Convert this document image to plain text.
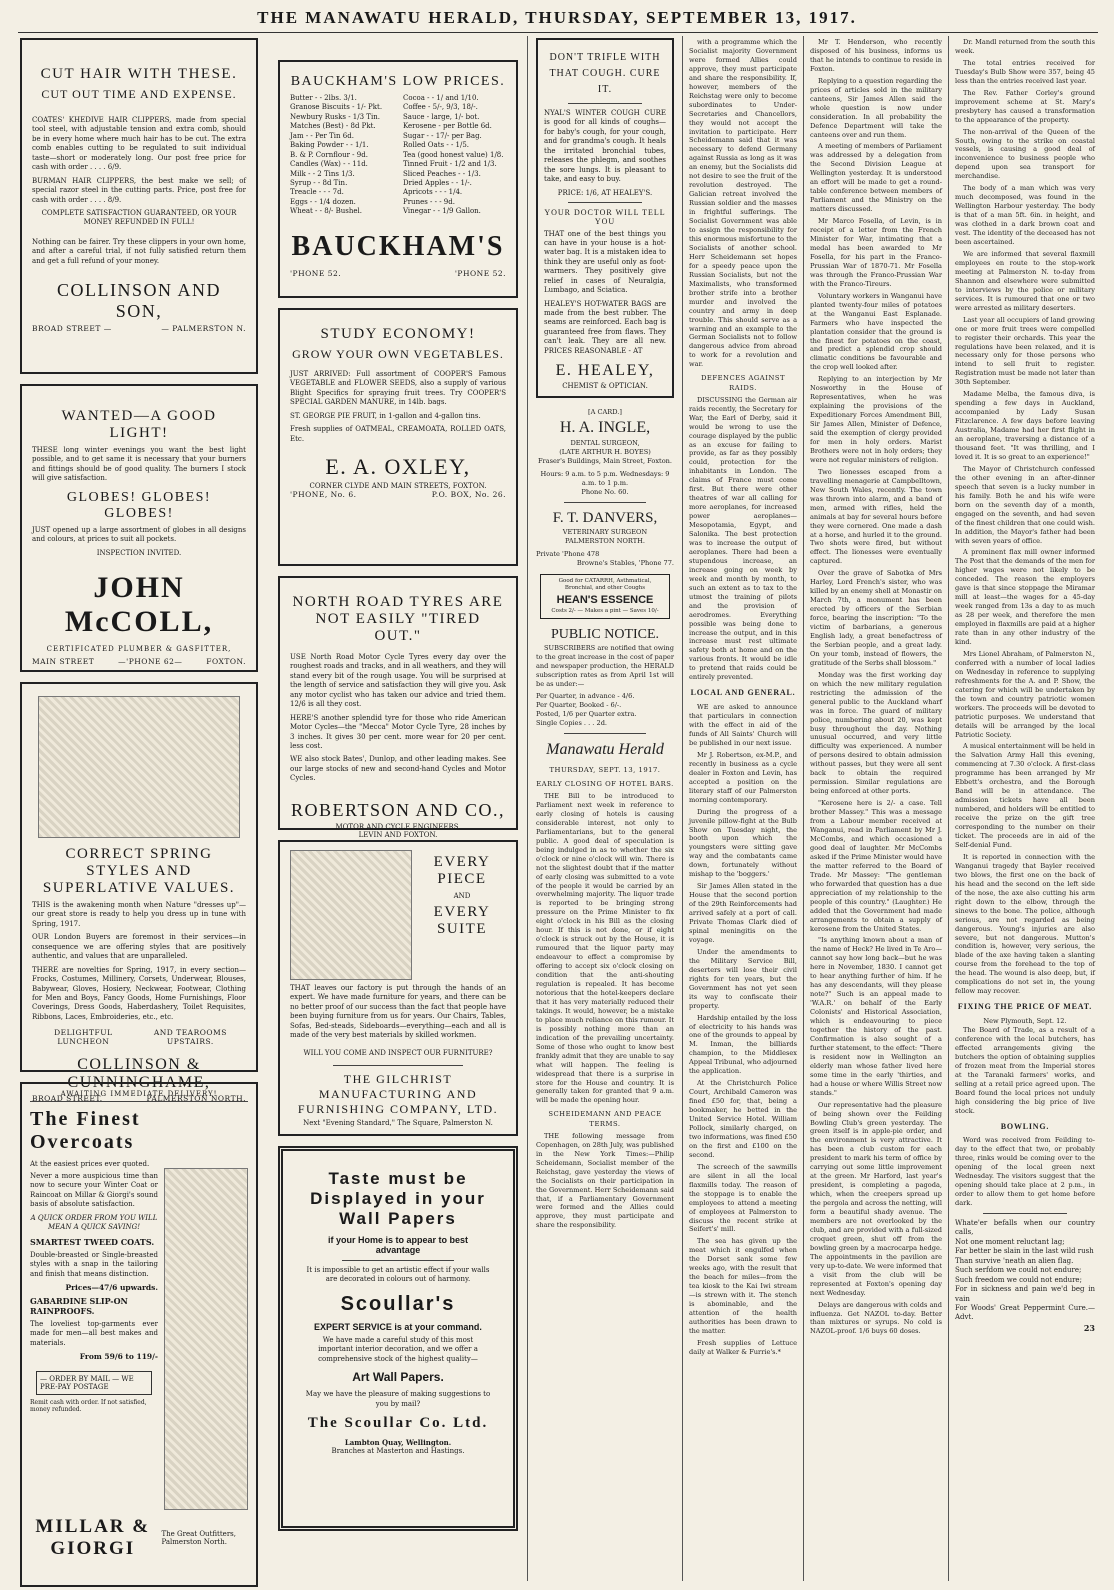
THE MANAWATU HERALD, THURSDAY, SEPTEMBER 13, 1917.
CUT HAIR WITH THESE.
CUT OUT TIME AND EXPENSE.

COATES' KHEDIVE HAIR CLIPPERS, made from special tool steel, with adjustable tension and extra comb, should be in every home where much hair has to be cut. The extra comb enables cutting to be regulated to suit individual taste—short or moderately long. Our post free price for cash with order . . . . 6/9.

BURMAN HAIR CLIPPERS, the best make we sell; of special razor steel in the cutting parts. Price, post free for cash with order . . . . 8/9.

COMPLETE SATISFACTION GUARANTEED, OR YOUR MONEY REFUNDED IN FULL!

Nothing can be fairer. Try these clippers in your own home, and after a careful trial, if not fully satisfied return them and get a full refund of your money.

COLLINSON AND SON,
BROAD STREET —	— PALMERSTON N.
WANTED—A GOOD LIGHT!

THESE long winter evenings you want the best light possible, and to get same it is necessary that your burners and fittings should be of good quality. The burners I stock will give satisfaction.

GLOBES! GLOBES! GLOBES!

JUST opened up a large assortment of globes in all designs and colours, at prices to suit all pockets.

INSPECTION INVITED.
JOHN McCOLL,
CERTIFICATED PLUMBER & GASFITTER,
MAIN STREET	—'PHONE 62—	FOXTON.
CORRECT SPRING STYLES AND SUPERLATIVE VALUES.

THIS is the awakening month when Nature "dresses up"—our great store is ready to help you dress up in tune with Spring, 1917.

OUR London Buyers are foremost in their services—in consequence we are offering styles that are positively authentic, and values that are unparalleled.

THERE are novelties for Spring, 1917, in every section—Frocks, Costumes, Millinery, Corsets, Underwear, Blouses, Babywear, Gloves, Hosiery, Neckwear, Footwear, Clothing for Men and Boys, Fancy Goods, Home Furnishings, Floor Coverings, Dress Goods, Haberdashery, Toilet Requisites, Ribbons, Laces, Embroideries, etc., etc.

DELIGHTFUL LUNCHEON
AND TEAROOMS UPSTAIRS.
COLLINSON & CUNNINGHAME,
BROAD STREET.	PALMERSTON NORTH.
AWAITING IMMEDIATE DELIVERY!
The Finest Overcoats
At the easiest prices ever quoted.

Never a more auspicious time than now to secure your Winter Coat or Raincoat on Millar & Giorgi's sound basis of absolute satisfaction.

A QUICK ORDER FROM YOU WILL MEAN A QUICK SAVING!

SMARTEST TWEED COATS.

Double-breasted or Single-breasted styles with a snap in the tailoring and finish that means distinction.

Prices—47/6 upwards.
GABARDINE SLIP-ON RAINPROOFS.

The loveliest top-garments ever made for men—all best makes and materials.

From 59/6 to 119/-
— ORDER BY MAIL — WE PRE-PAY POSTAGE
Remit cash with order. If not satisfied, money refunded.
MILLAR & GIORGI
The Great Outfitters, Palmerston North.
BAUCKHAM'S LOW PRICES.
Butter - - 2lbs. 3/1.	Cocoa - - 1/ and 1/10.
Granose Biscuits - 1/- Pkt.	Coffee - 5/-, 9/3, 18/-.
Newbury Rusks - 1/3 Tin.	Sauce - large, 1/- bot.
Matches (Best) - 8d Pkt.	Kerosene - per Bottle 6d.
Jam - - Per Tin 6d.	Sugar - - 17/- per Bag.
Baking Powder - - 1/1.	Rolled Oats - - 1/5.
B. & P. Cornflour - 9d.	Tea (good honest value) 1/8.
Candles (Wax) - - 11d.	Tinned Fruit - 1/2 and 1/3.
Milk - - 2 Tins 1/3.	Sliced Peaches - - 1/3.
Syrup - - 8d Tin.	Dried Apples - - 1/-.
Treacle - - - 7d.	Apricots - - - 1/4.
Eggs - - 1/4 dozen.	Prunes - - - 9d.
Wheat - - 8/- Bushel.	Vinegar - - 1/9 Gallon.
BAUCKHAM'S
'PHONE 52.	'PHONE 52.
STUDY ECONOMY!
GROW YOUR OWN VEGETABLES.

JUST ARRIVED: Full assortment of COOPER'S Famous VEGETABLE and FLOWER SEEDS, also a supply of various Blight Specifics for spraying fruit trees. Try COOPER'S SPECIAL GARDEN MANURE, in 14lb. bags.

ST. GEORGE PIE FRUIT, in 1-gallon and 4-gallon tins.

Fresh supplies of OATMEAL, CREAMOATA, ROLLED OATS, Etc.

E. A. OXLEY,
CORNER CLYDE AND MAIN STREETS, FOXTON.
'PHONE, No. 6.	P.O. BOX, No. 26.
NORTH ROAD TYRES ARE NOT EASILY "TIRED OUT."

USE North Road Motor Cycle Tyres every day over the roughest roads and tracks, and in all weathers, and they will stand every bit of the rough usage. You will be surprised at the length of service and satisfaction they will give you. Ask any motor cyclist who has taken our advice and tried them. 12/6 is all they cost.

HERE'S another splendid tyre for those who ride American Motor Cycles—the "Mecca" Motor Cycle Tyre, 28 inches by 3 inches. It gives 30 per cent. more wear for 20 per cent. less cost.

WE also stock Bates', Dunlop, and other leading makes. See our large stocks of new and second-hand Cycles and Motor Cycles.

ROBERTSON AND CO.,
MOTOR AND CYCLE ENGINEERS,
LEVIN AND FOXTON.
EVERY PIECE
AND
EVERY SUITE

THAT leaves our factory is put through the hands of an expert. We have made furniture for years, and there can be no better proof of our success than the fact that people have been buying furniture from us for years. Our Chairs, Tables, Sofas, Bed-steads, Sideboards—everything—each and all is made of the very best materials by skilled workmen.

WILL YOU COME AND INSPECT OUR FURNITURE?
THE GILCHRIST MANUFACTURING AND FURNISHING COMPANY, LTD.
Next "Evening Standard," The Square, Palmerston N.
Taste must be Displayed in your Wall Papers
if your Home is to appear to best advantage

It is impossible to get an artistic effect if your walls are decorated in colours out of harmony.

Scoullar's
EXPERT SERVICE is at your command.

We have made a careful study of this most important interior decoration, and we offer a comprehensive stock of the highest quality—

Art Wall Papers.

May we have the pleasure of making suggestions to you by mail?

The Scoullar Co. Ltd.
Lambton Quay, Wellington.
Branches at Masterton and Hastings.
DON'T TRIFLE WITH THAT COUGH. CURE IT.

NYAL'S WINTER COUGH CURE is good for all kinds of coughs—for baby's cough, for your cough, and for grandma's cough. It heals the irritated bronchial tubes, releases the phlegm, and soothes the sore lungs. It is pleasant to take, and easy to buy.

PRICE: 1/6, AT HEALEY'S.
YOUR DOCTOR WILL TELL YOU

THAT one of the best things you can have in your house is a hot-water bag. It is a mistaken idea to think they are useful only as foot-warmers. They positively give relief in cases of Neuralgia, Lumbago, and Sciatica.

HEALEY'S HOT-WATER BAGS are made from the best rubber. The seams are reinforced. Each bag is guaranteed free from flaws. They can't leak. They are all new. PRICES REASONABLE - AT

E. HEALEY,
CHEMIST & OPTICIAN.
[A CARD.]
H. A. INGLE,
DENTAL SURGEON,
(LATE ARTHUR H. BOYES)
Fraser's Buildings, Main Street, Foxton.
Hours: 9 a.m. to 5 p.m. Wednesdays: 9 a.m. to 1 p.m.
Phone No. 60.
F. T. DANVERS,
VETERINARY SURGEON
PALMERSTON NORTH.
Private 'Phone 478
Browne's Stables, 'Phone 77.
Good for CATARRH, Asthmatical, Bronchial, and other Coughs
HEAN'S ESSENCE
Costs 2/- — Makes a pint — Saves 10/-
PUBLIC NOTICE.

SUBSCRIBERS are notified that owing to the great increase in the cost of paper and newspaper production, the HERALD subscription rates as from April 1st will be as under:—

Per Quarter, in advance - 4/6.
Per Quarter, Booked - 6/-.
Posted, 1/6 per Quarter extra.
Single Copies . . . 2d.
Manawatu Herald
THURSDAY, SEPT. 13, 1917.
EARLY CLOSING OF HOTEL BARS.

THE Bill to be introduced to Parliament next week in reference to early closing of hotels is causing considerable interest, not only to Parliamentarians, but to the general public. A good deal of speculation is being indulged in as to whether the six o'clock or nine o'clock will win. There is not the slightest doubt that if the matter of early closing was submitted to a vote of the people it would be carried by an overwhelming majority. The liquor trade is reported to be bringing strong pressure on the Prime Minister to fix eight o'clock in his Bill as the closing hour. If this is not done, or if eight o'clock is struck out by the House, it is rumoured that the liquor party may endeavour to effect a compromise by offering to accept six o'clock closing on condition that the anti-shouting regulation is repealed. It has become notorious that the hotel-keepers declare that it has very materially reduced their takings. It would, however, be a mistake to place much reliance on this rumour. It is possibly nothing more than an indication of the prevailing uncertainty. Some of those who ought to know best frankly admit that they are unable to say what will happen. The feeling is widespread that there is a surprise in store for the House and country. It is generally taken for granted that 9 a.m. will be made the opening hour.

SCHEIDEMANN AND PEACE TERMS.

THE following message from Copenhagen, on 28th July, was published in the New York Times:—Philip Scheidemann, Socialist member of the Reichstag, gave yesterday the views of the Socialists on their participation in the Government. Herr Scheidemann said that, if a Parliamentary Government were formed and the Allies could approve, they must participate and share the responsibility.

with a programme which the Socialist majority Government were formed Allies could approve, they must participate and share the responsibility. If, however, members of the Reichstag were only to become subordinates to Under-Secretaries and Chancellors, they would not accept the invitation to participate. Herr Scheidemann said that it was necessary to defend Germany against Russia as long as it was an enemy, but the Socialists did not desire to see the fruit of the revolution destroyed. The Galician retreat involved the Russian soldier and the masses in frightful sufferings. The Socialist Government was able to assign the responsibility for this enormous misfortune to the Socialists of another school. Herr Scheidemann set hopes for a speedy peace upon the Russian Socialists, but not the Maximalists, who transformed brother strife into a brother murder and involved the country and army in deep trouble. This should serve as a warning and an example to the German Socialists not to follow dangerous advice from abroad to work for a revolution and war.

DEFENCES AGAINST RAIDS.

DISCUSSING the German air raids recently, the Secretary for War, the Earl of Derby, said it would be wrong to use the courage displayed by the public as an excuse for failing to provide, as far as they possibly could, protection for the inhabitants in London. The claims of France must come first. But there were other theatres of war all calling for more aeroplanes, for increased power aeroplanes—Mesopotamia, Egypt, and Salonika. The best protection was to increase the output of aeroplanes. There had been a stupendous increase, an increase going on week by week and month by month, to such an extent as to tax to the utmost the training of pilots and the provision of aerodromes. Everything possible was being done to increase the output, and in this increase must rest ultimate safety both at home and on the various fronts. It would be idle to pretend that raids could be entirely prevented.

LOCAL AND GENERAL.

WE are asked to announce that particulars in connection with the effect in aid of the funds of All Saints' Church will be published in our next issue.

Mr J. Robertson, ex-M.P., and recently in business as a cycle dealer in Foxton and Levin, has accepted a position on the literary staff of our Palmerston morning contemporary.

During the progress of a juvenile pillow-fight at the Bulb Show on Tuesday night, the booth upon which the youngsters were sitting gave way and the combatants came down, fortunately without mishap to the 'boggers.'

Sir James Allen stated in the House that the second portion of the 29th Reinforcements had arrived safely at a port of call. Private Thomas Clark died of spinal meningitis on the voyage.

Under the amendments to the Military Service Bill, deserters will lose their civil rights for ten years, but the Government has not yet seen its way to confiscate their property.

Hardship entailed by the loss of electricity to his hands was one of the grounds to appeal by M. Inman, the billiards champion, to the Middlesex Appeal Tribunal, who adjourned the application.

At the Christchurch Police Court, Archibald Cameron was fined £50 for, that, being a bookmaker, he betted in the United Service Hotel. William Pollock, similarly charged, on two informations, was fined £50 on the first and £100 on the second.

The screech of the sawmills are silent in all the local flaxmills today. The reason of the stoppage is to enable the employees to attend a meeting of employees at Palmerston to discuss the recent strike at Seifert's' mill.

The sea has given up the meat which it engulfed when the Dorset sank some few weeks ago, with the result that the beach for miles—from the tea kiosk to the Kai Iwi stream—is strewn with it. The stench is abominable, and the attention of the health authorities has been drawn to the matter.

Fresh supplies of Lettuce daily at Walker & Furrie's.*

Mr T. Henderson, who recently disposed of his business, informs us that he intends to continue to reside in Foxton.

Replying to a question regarding the prices of articles sold in the military canteens, Sir James Allen said the whole question is now under consideration. In all probability the Defence Department will take the canteens over and run them.

A meeting of members of Parliament was addressed by a delegation from the Second Division League at Wellington yesterday. It is understood an effort will be made to get a round-table conference between members of Parliament and the Ministry on the matters discussed.

Mr Marco Fosella, of Levin, is in receipt of a letter from the French Minister for War, intimating that a medal has been awarded to Mr Fosella, for his part in the Franco-Prussian War of 1870-71. Mr Fosella was through the Franco-Prussian War with the Franco-Tireurs.

Voluntary workers in Wanganui have planted twenty-four miles of potatoes at the Wanganui East Esplanade. Farmers who have inspected the plantation consider that the ground is the finest for potatoes on the coast, and predict a splendid crop should climatic conditions be favourable and the crop well looked after.

Replying to an interjection by Mr Nosworthy in the House of Representatives, when he was explaining the provisions of the Expeditionary Forces Amendment Bill, Sir James Allen, Minister of Defence, said the exemption of clergy provided for men in holy orders. Marist Brothers were not in holy orders; they were not regular ministers of religion.

Two lionesses escaped from a travelling menagerie at Campbelltown, New South Wales, recently. The town was thrown into alarm, and a band of men, armed with rifles, held the animals at bay for several hours before they were cornered. One made a dash at a horse, and hurled it to the ground. Two shots were fired, but without effect. The lionesses were eventually captured.

Over the grave of Sabotka of Mrs Harley, Lord French's sister, who was killed by an enemy shell at Monastir on March 7th, a monument has been erected by officers of the Serbian force, bearing the inscription: "To the victim of barbarians, a generous English lady, a great benefactress of the Serbian people, and a great lady. On your tomb, instead of flowers, the gratitude of the Serbs shall blossom."

Monday was the first working day on which the new military regulation restricting the admission of the general public to the Auckland wharf was in force. The guard of military police, numbering about 20, was kept busy throughout the day. Nothing unusual occurred, and very little difficulty was experienced. A number of persons desired to obtain admission without passes, but they were all sent back to obtain the required permission. Similar regulations are being enforced at other ports.

"Kerosene here is 2/- a case. Tell brother Massey." This was a message from a Labour member received at Wanganui, read in Parliament by Mr J. McCombs, and which occasioned a good deal of laughter. Mr McCombs asked if the Prime Minister would have the matter referred to the Board of Trade. Mr Massey: "The gentleman who forwarded that question has a due appreciation of my relationship to the people of this country." (Laughter.) He added that the Government had made arrangements to obtain a supply of kerosene from the United States.

"Is anything known about a man of the name of Heck? He lived in Te Aro—cannot say how long back—but he was here in November, 1830. I cannot get to hear anything further of him. If he has any descendants, will they please note?" Such is an appeal made to 'W.A.R.' on behalf of the Early Colonists' and Historical Association, which is endeavouring to piece together the history of the past. Confirmation is also sought of a further statement, to the effect: "There is resident now in Wellington an elderly man whose father lived here some time in the early 'thirties, and had a house or where Willis Street now stands."

Our representative had the pleasure of being shown over the Feilding Bowling Club's green yesterday. The green itself is in apple-pie order, and the environment is very attractive. It has been a club custom for each president to mark his term of office by carrying out some little improvement at the green. Mr Harford, last year's president, is completing a pagoda, which, when the creepers spread up the pergola and across the netting, will form a beautiful shady avenue. The members are not overlooked by the club, and are provided with a full-sized croquet green, shut off from the bowling green by a macrocarpa hedge. The appointments in the pavilion are very up-to-date. We were informed that a visit from the club will be represented at Foxton's opening day next Wednesday.

Delays are dangerous with colds and influenza. Get NAZOL to-day. Better than mixtures or syrups. No cold is NAZOL-proof. 1/6 buys 60 doses.

Dr. Mandl returned from the south this week.

The total entries received for Tuesday's Bulb Show were 357, being 45 less than the entries received last year.

The Rev. Father Corley's ground improvement scheme at St. Mary's presbytery has caused a transformation to the appearance of the property.

The non-arrival of the Queen of the South, owing to the strike on coastal vessels, is causing a good deal of inconvenience to business people who depend upon sea transport for merchandise.

The body of a man which was very much decomposed, was found in the Wellington Harbour yesterday. The body is that of a man 5ft. 6in. in height, and was clothed in a dark brown coat and vest. The identity of the deceased has not been ascertained.

We are informed that several flaxmill employees en route to the stop-work meeting at Palmerston N. to-day from Shannon and elsewhere were submitted to interviews by the police or military services. It is rumoured that one or two were arrested as military deserters.

Last year all occupiers of land growing one or more fruit trees were compelled to register their orchards. This year the regulations have been relaxed, and it is necessary only for those persons who intend to sell fruit to register. Registration must be made not later than 30th September.

Madame Melba, the famous diva, is spending a few days in Auckland, accompanied by Lady Susan Fitzclarence. A few days before leaving Australia, Madame had her first flight in an aeroplane, traversing a distance of a thousand feet. "It was thrilling, and I loved it. It is so great to an experience!"

The Mayor of Christchurch confessed the other evening in an after-dinner speech that seven is a lucky number in his family. Both he and his wife were born on the seventh day of a month, engaged on the seventh, and had seven of the finest children that one could wish. In addition, the Mayor's father had been with seven years of office.

A prominent flax mill owner informed The Post that the demands of the men for higher wages were not likely to be conceded. The reason the employers gave is that since stoppage the Miramar mill at least—the wages for a 45-day week ranged from 13s a day to as much as 28 per week, and therefore the men employed in flaxmills are paid at a higher rate than in any other industry of the kind.

Mrs Lionel Abraham, of Palmerston N., conferred with a number of local ladies on Wednesday in reference to supplying refreshments for the A. and P. Show, the catering for which will be undertaken by the town and country patriotic women workers. The proceeds will be devoted to patriotic purposes. We understand that details will be arranged by the local Patriotic Society.

A musical entertainment will be held in the Salvation Army Hall this evening, commencing at 7.30 o'clock. A first-class programme has been arranged by Mr Ebbett's orchestra, and the Borough Band will be in attendance. The admission tickets have all been numbered, and holders will be entitled to receive the prize on the gift tree corresponding to the number on their ticket. The proceeds are in aid of the Self-denial Fund.

It is reported in connection with the Wanganui tragedy that Bayler received two blows, the first one on the back of his head and the second on the left side of the nose, the axe also cutting his arm right down to the elbow, through the sinews to the bone. The police, although serious, are not regarded as being dangerous. Young's injuries are also severe, but not dangerous. Mutton's condition is, however, very serious, the blade of the axe having taken a slanting course from the forehead to the top of the head. The wound is also deep, but, if complications do not set in, the young fellow may recover.

FIXING THE PRICE OF MEAT.
New Plymouth, Sept. 12.

The Board of Trade, as a result of a conference with the local butchers, has effected arrangements giving the butchers the option of obtaining supplies of frozen meat from the Imperial stores at the Taranaki farmers' works, and selling at a retail price agreed upon. The Board found the local prices not unduly high considering the big price of live stock.

BOWLING.

Word was received from Feilding to-day to the effect that two, or probably three, rinks would be coming over to the opening of the local green next Wednesday. The visitors suggest that the opening should take place at 2 p.m., in order to allow them to get home before dark.

Whate'er befalls when our country calls,
Not one moment reluctant lag;
Far better be slain in the last wild rush
Than survive 'neath an alien flag.
Such serfdom we could not endure;
Such freedom we could not endure;
For in sickness and pain we'd beg in vain
For Woods' Great Peppermint Cure.—Advt.
23
